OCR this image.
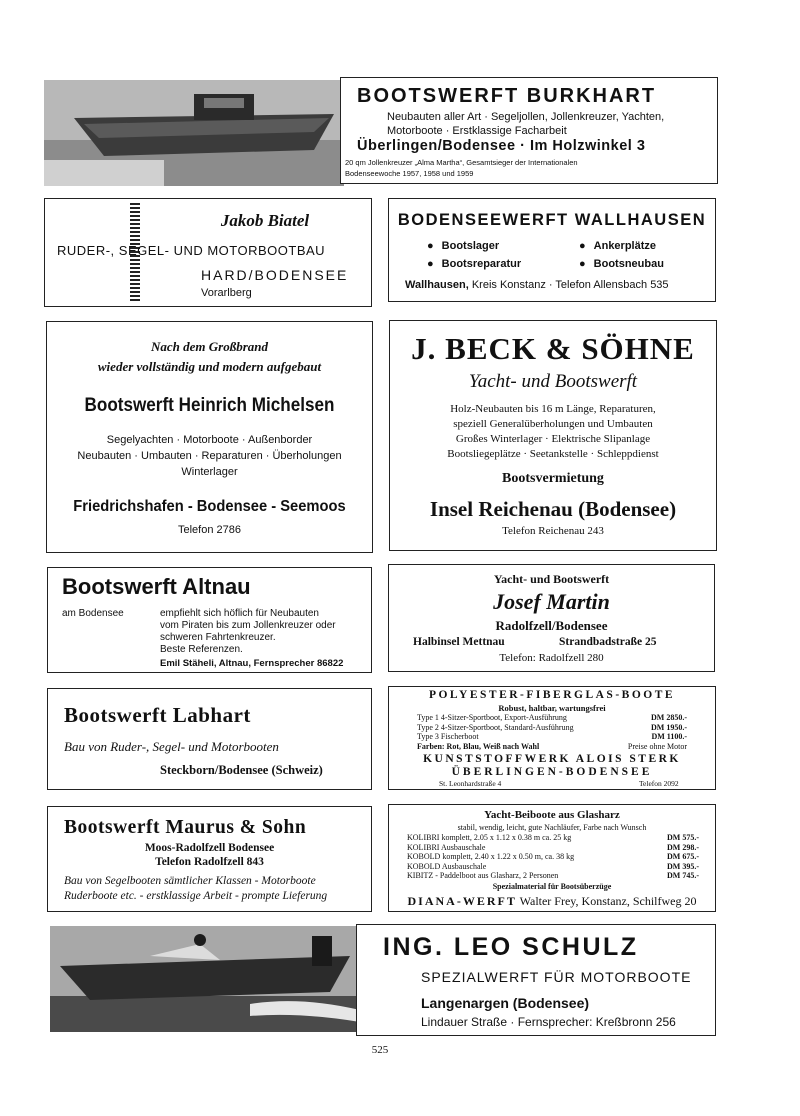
BOOTSWERFT BURKHART
Neubauten aller Art · Segeljollen, Jollenkreuzer, Yachten,
Motorboote · Erstklassige Facharbeit
Überlingen/Bodensee · Im Holzwinkel 3
20 qm Jollenkreuzer „Alma Martha“, Gesamtsieger der Internationalen
Bodenseewoche 1957, 1958 und 1959
Jakob Biatel
RUDER-, SEGEL- UND MOTORBOOTBAU
HARD/BODENSEE
Vorarlberg
BODENSEEWERFT WALLHAUSEN
● Bootslager	● Ankerplätze
● Bootsreparatur	● Bootsneubau
Wallhausen, Kreis Konstanz · Telefon Allensbach 535
Nach dem Großbrand
wieder vollständig und modern aufgebaut
Bootswerft Heinrich Michelsen
Segelyachten · Motorboote · Außenborder
Neubauten · Umbauten · Reparaturen · Überholungen
Winterlager
Friedrichshafen - Bodensee - Seemoos
Telefon 2786
J. BECK & SÖHNE
Yacht- und Bootswerft
Holz-Neubauten bis 16 m Länge, Reparaturen,
speziell Generalüberholungen und Umbauten
Großes Winterlager · Elektrische Slipanlage
Bootsliegeplätze · Seetankstelle · Schleppdienst
Bootsvermietung
Insel Reichenau (Bodensee)
Telefon Reichenau 243
Bootswerft Altnau
am Bodensee	empfiehlt sich höflich für Neubauten
vom Piraten bis zum Jollenkreuzer oder
schweren Fahrtenkreuzer.
Beste Referenzen.
Emil Stäheli, Altnau, Fernsprecher 86822
Yacht- und Bootswerft
Josef Martin
Radolfzell/Bodensee
Halbinsel Mettnau	Strandbadstraße 25
Telefon: Radolfzell 280
Bootswerft Labhart
Bau von Ruder-, Segel- und Motorbooten
Steckborn/Bodensee (Schweiz)
POLYESTER-FIBERGLAS-BOOTE
Robust, haltbar, wartungsfrei
Type 1 4-Sitzer-Sportboot, Export-Ausführung	DM 2850.-
Type 2 4-Sitzer-Sportboot, Standard-Ausführung	DM 1950.-
Type 3 Fischerboot	DM 1100.-
Farben: Rot, Blau, Weiß nach Wahl	Preise ohne Motor
KUNSTSTOFFWERK ALOIS STERK
ÜBERLINGEN-BODENSEE
St. Leonhardstraße 4	Telefon 2092
Bootswerft Maurus & Sohn
Moos-Radolfzell Bodensee
Telefon Radolfzell 843
Bau von Segelbooten sämtlicher Klassen - Motorboote
Ruderboote etc. - erstklassige Arbeit - prompte Lieferung
Yacht-Beiboote aus Glasharz
stabil, wendig, leicht, gute Nachläufer, Farbe nach Wunsch
KOLIBRI komplett, 2.05 x 1.12 x 0.38 m ca. 25 kg	DM 575.-
KOLIBRI Ausbauschale	DM 298.-
KOBOLD komplett, 2.40 x 1.22 x 0.50 m, ca. 38 kg	DM 675.-
KOBOLD Ausbauschale	DM 395.-
KIBITZ - Paddelboot aus Glasharz, 2 Personen	DM 745.-
Spezialmaterial für Bootsüberzüge
DIANA-WERFT Walter Frey, Konstanz, Schilfweg 20
ING. LEO SCHULZ
SPEZIALWERFT FÜR MOTORBOOTE
Langenargen (Bodensee)
Lindauer Straße · Fernsprecher: Kreßbronn 256
525
